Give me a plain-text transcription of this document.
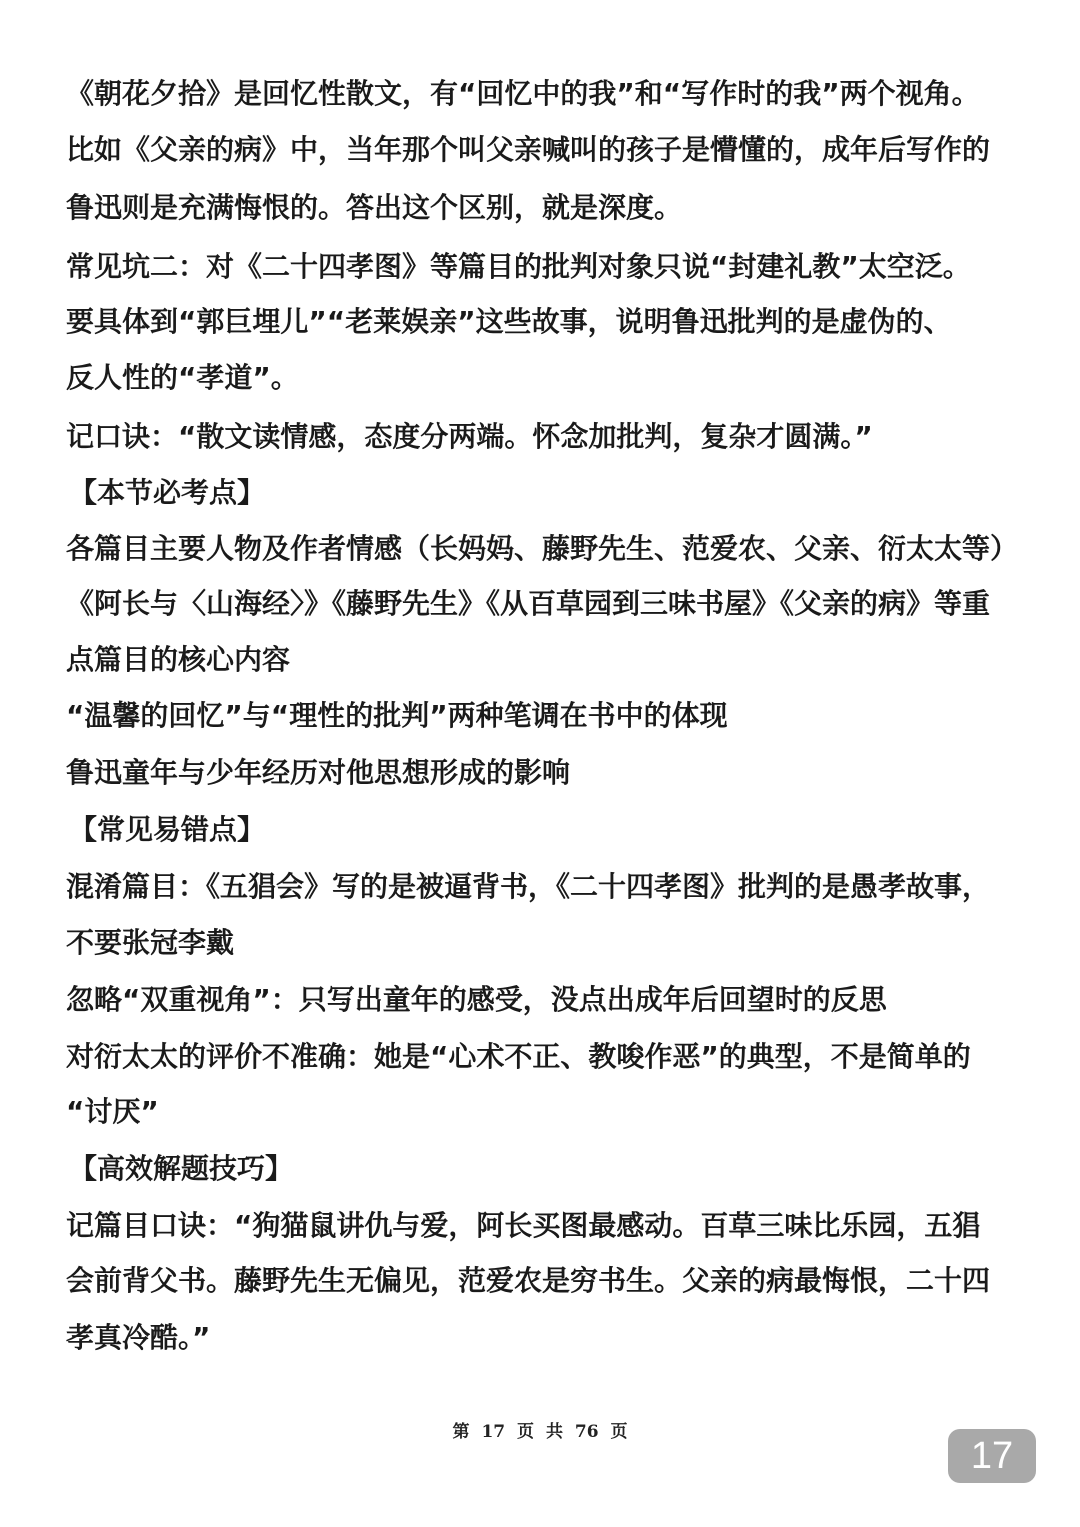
《朝花夕拾》是回忆性散文，有“回忆中的我”和“写作时的我”两个视角。
比如《父亲的病》中，当年那个叫父亲喊叫的孩子是懵懂的，成年后写作的
鲁迅则是充满悔恨的。答出这个区别，就是深度。
常见坑二：对《二十四孝图》等篇目的批判对象只说“封建礼教”太空泛。
要具体到“郭巨埋儿”“老莱娱亲”这些故事，说明鲁迅批判的是虚伪的、
反人性的“孝道”。
记口诀：“散文读情感，态度分两端。怀念加批判，复杂才圆满。”
【本节必考点】
各篇目主要人物及作者情感（长妈妈、藤野先生、范爱农、父亲、衍太太等）
《阿长与〈山海经〉》《藤野先生》《从百草园到三味书屋》《父亲的病》等重
点篇目的核心内容
“温馨的回忆”与“理性的批判”两种笔调在书中的体现
鲁迅童年与少年经历对他思想形成的影响
【常见易错点】
混淆篇目：《五猖会》写的是被逼背书，《二十四孝图》批判的是愚孝故事，
不要张冠李戴
忽略“双重视角”：只写出童年的感受，没点出成年后回望时的反思
对衍太太的评价不准确：她是“心术不正、教唆作恶”的典型，不是简单的
“讨厌”
【高效解题技巧】
记篇目口诀：“狗猫鼠讲仇与爱，阿长买图最感动。百草三味比乐园，五猖
会前背父书。藤野先生无偏见，范爱农是穷书生。父亲的病最悔恨，二十四
孝真冷酷。”
第 17 页 共 76 页
17
